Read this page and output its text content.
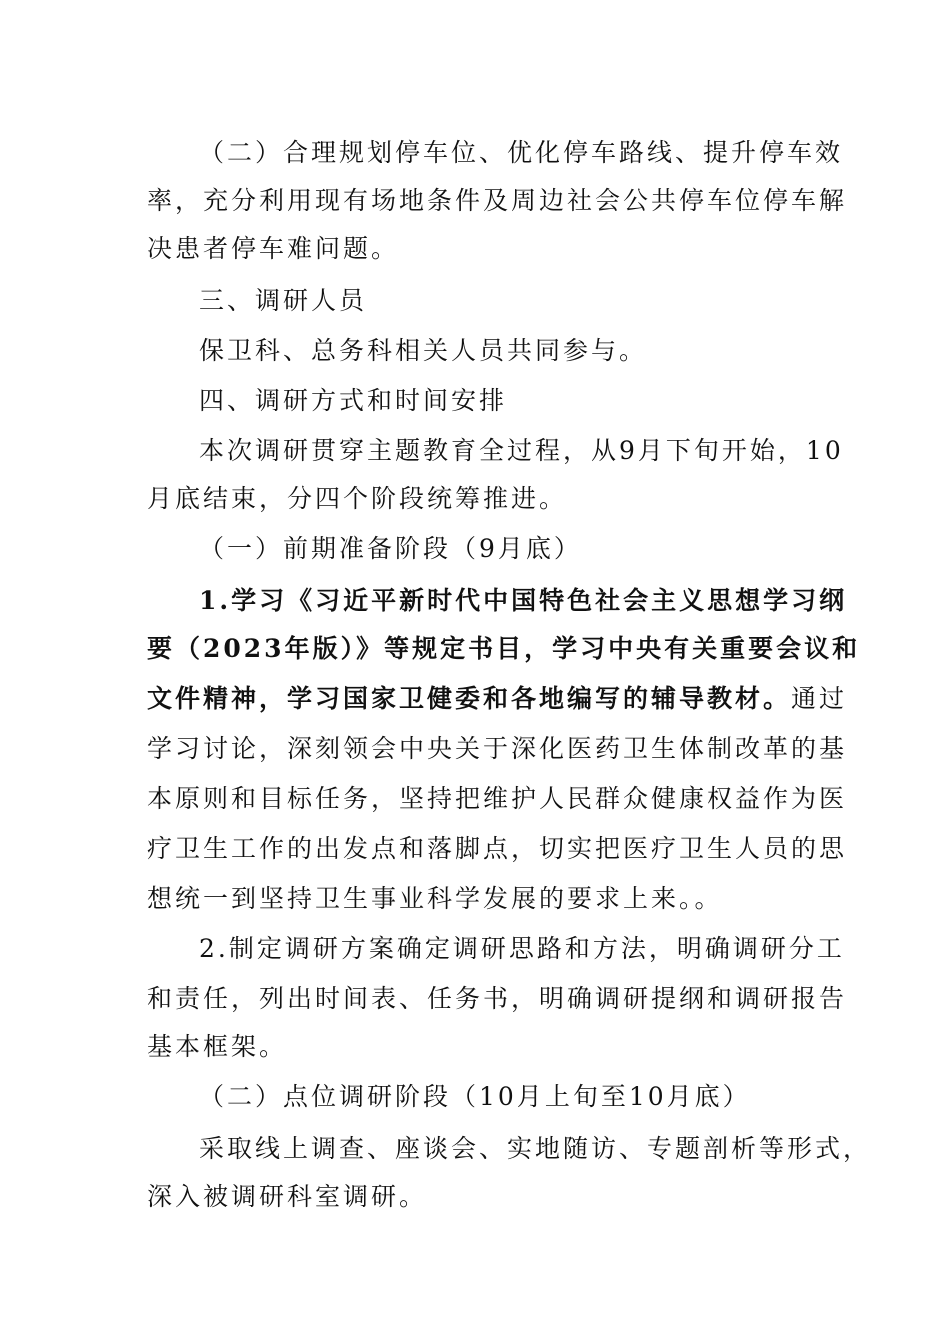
（二）合理规划停车位、优化停车路线、提升停车效
率，充分利用现有场地条件及周边社会公共停车位停车解
决患者停车难问题。
三、调研人员
保卫科、总务科相关人员共同参与。
四、调研方式和时间安排
本次调研贯穿主题教育全过程，从9月下旬开始，10
月底结束，分四个阶段统筹推进。
（一）前期准备阶段（9月底）
1.学习《习近平新时代中国特色社会主义思想学习纲
要（2023年版）》等规定书目，学习中央有关重要会议和
文件精神，学习国家卫健委和各地编写的辅导教材。通过
学习讨论，深刻领会中央关于深化医药卫生体制改革的基
本原则和目标任务，坚持把维护人民群众健康权益作为医
疗卫生工作的出发点和落脚点，切实把医疗卫生人员的思
想统一到坚持卫生事业科学发展的要求上来。。
2.制定调研方案确定调研思路和方法，明确调研分工
和责任，列出时间表、任务书，明确调研提纲和调研报告
基本框架。
（二）点位调研阶段（10月上旬至10月底）
采取线上调查、座谈会、实地随访、专题剖析等形式，
深入被调研科室调研。
